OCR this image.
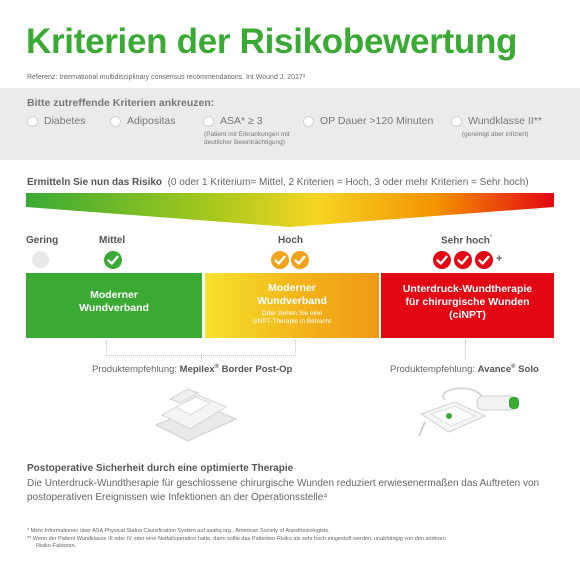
Kriterien der Risikobewertung
Referenz: International multidisciplinary consensus recommendations. Int Wound J. 2017³
Bitte zutreffende Kriterien ankreuzen:
Diabetes	Adipositas	ASA* ≥ 3
(Patient mit Erkrankungen mit
deutlicher Beeinträchtigung)
OP Dauer >120 Minuten	Wundklasse II**
(gereinigt aber infiziert)
Ermitteln Sie nun das Risiko (0 oder 1 Kriterium= Mittel, 2 Kriterien = Hoch, 3 oder mehr Kriterien = Sehr hoch)
Gering	Mittel	Hoch	Sehr hoch*
+
Moderner
Wundverband
Moderner
Wundverband
Oder ziehen Sie eine
ciNPT-Therapie in Betracht
Unterdruck-Wundtherapie
für chirurgische Wunden
(ciNPT)
Produktempfehlung: Mepilex® Border Post-Op	Produktempfehlung: Avance® Solo
Postoperative Sicherheit durch eine optimierte Therapie
Die Unterdruck-Wundtherapie für geschlossene chirurgische Wunden reduziert erwiesenermaßen das Auftreten von postoperativen Ereignissen wie Infektionen an der Operationsstelle⁴
* Mehr Informationen über ASA Physical Status Classification System auf asahq.org , American Society of Anesthesiologists.
** Wenn der Patient Wundklasse III oder IV oder eine Notfalloperation hatte, dann sollte das Patienten-Risiko als sehr hoch eingestuft werden, unabhängig von den anderen
Risiko-Faktoren.
